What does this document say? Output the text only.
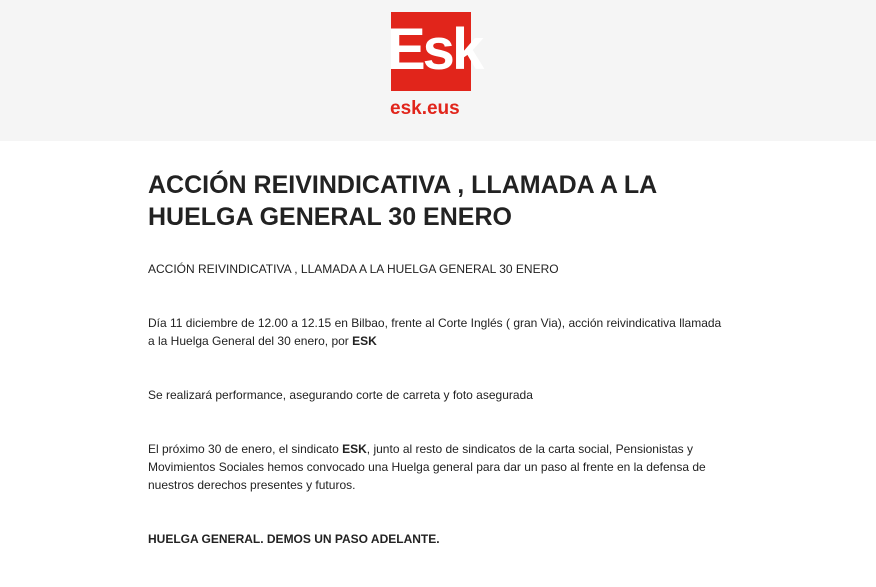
Esk
esk.eus
ACCIÓN REIVINDICATIVA , LLAMADA A LA HUELGA GENERAL 30 ENERO

ACCIÓN REIVINDICATIVA , LLAMADA A LA HUELGA GENERAL 30 ENERO

Día 11 diciembre de 12.00 a 12.15 en Bilbao, frente al Corte Inglés ( gran Via), acción reivindicativa llamada a la Huelga General del 30 enero, por ESK

Se realizará performance, asegurando corte de carreta y foto asegurada

El próximo 30 de enero, el sindicato ESK, junto al resto de sindicatos de la carta social, Pensionistas y Movimientos Sociales hemos convocado una Huelga general para dar un paso al frente en la defensa de nuestros derechos presentes y futuros.

HUELGA GENERAL. DEMOS UN PASO ADELANTE.
